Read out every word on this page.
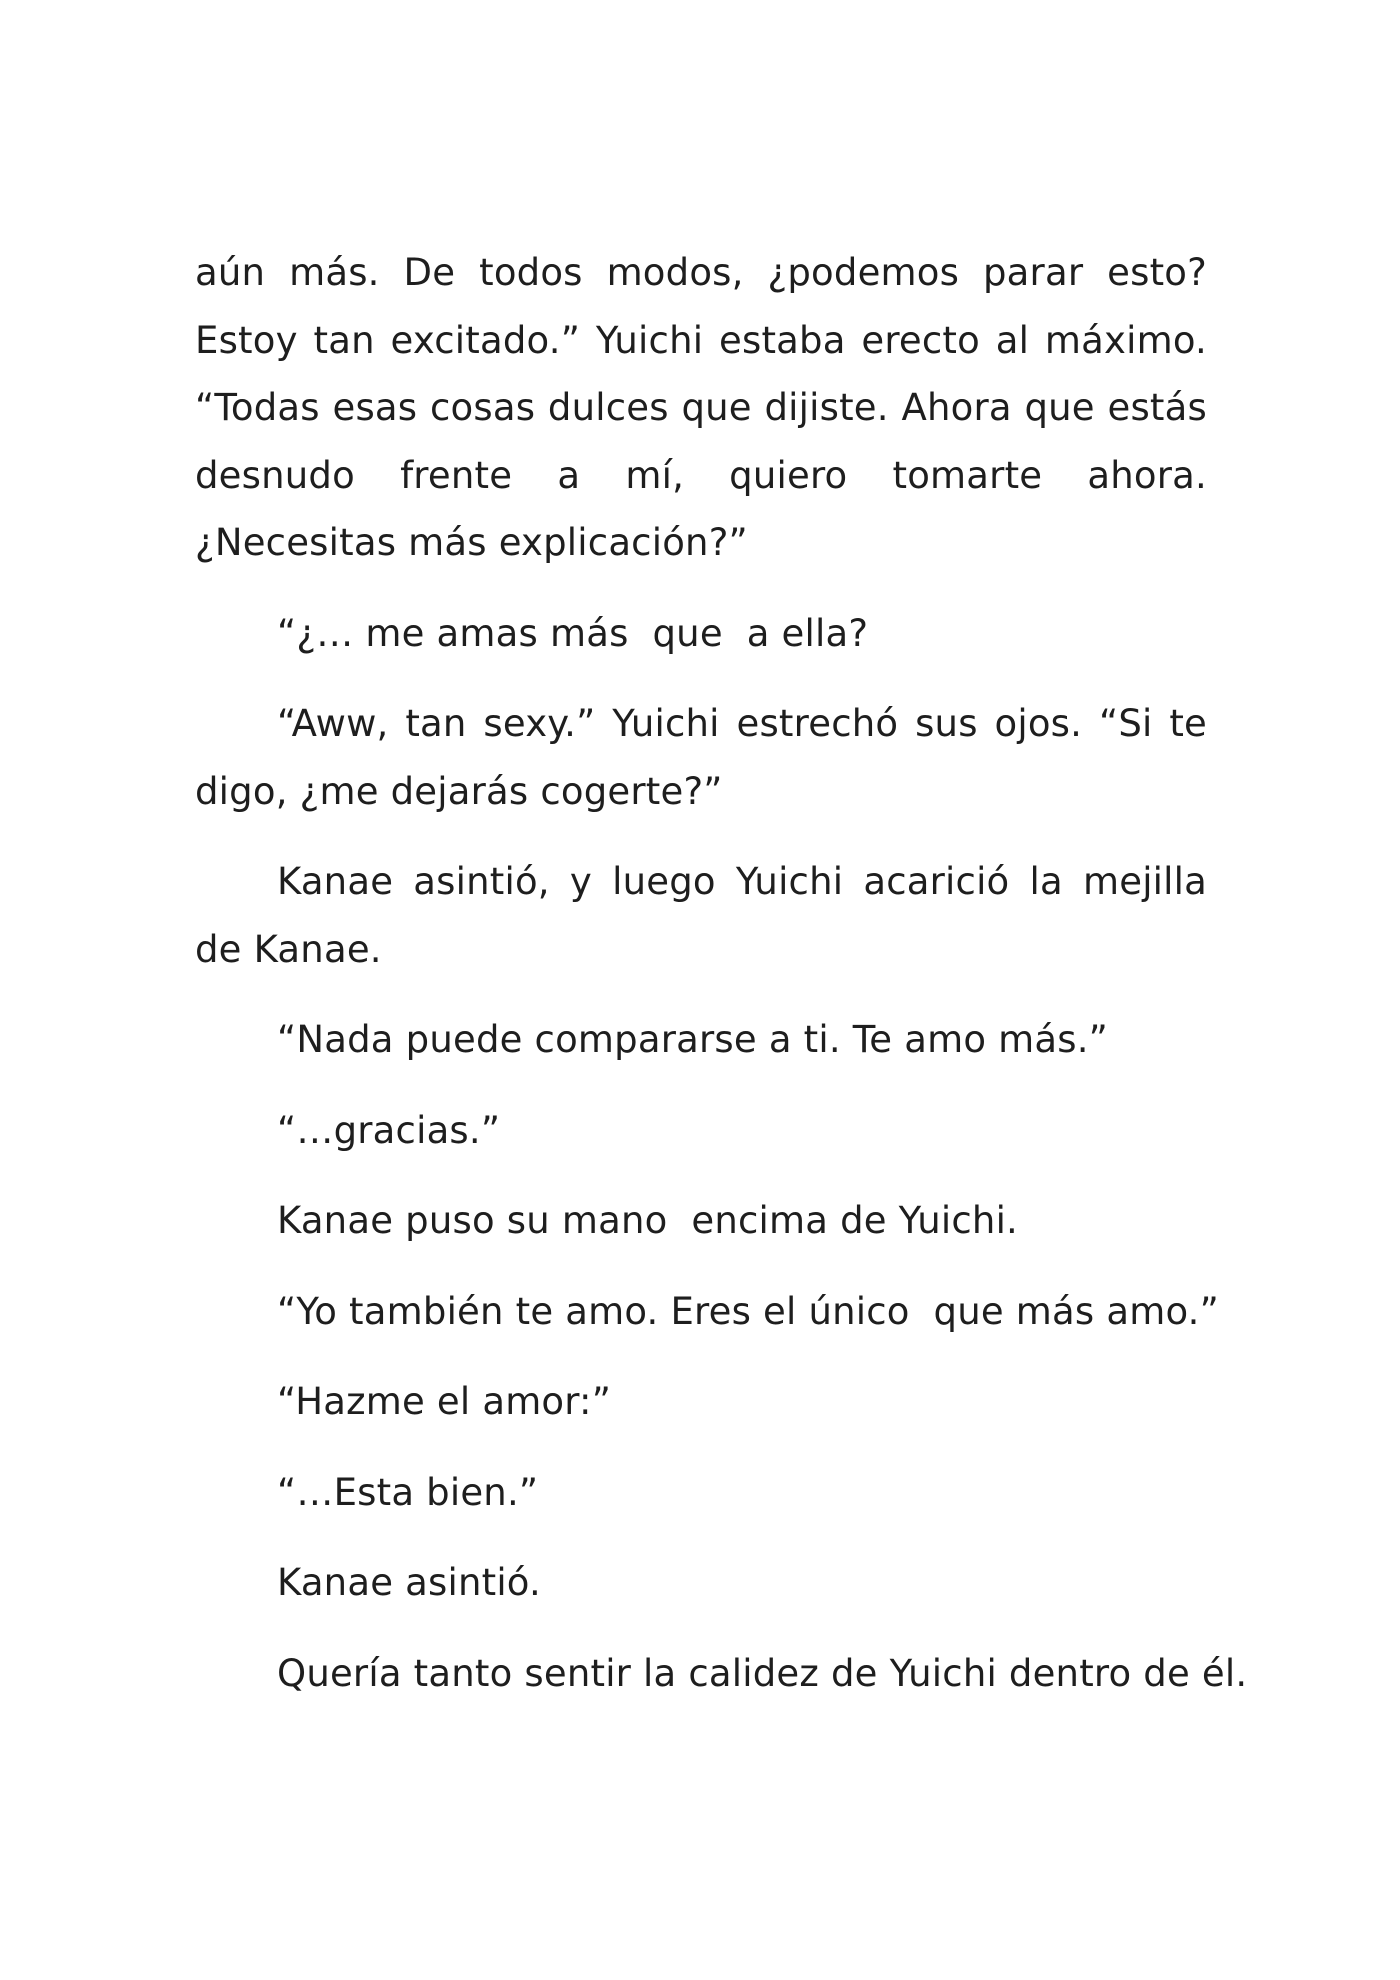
aún más. De todos modos, ¿podemos parar esto? Estoy tan excitado.” Yuichi estaba erecto al máximo. “Todas esas cosas dulces que dijiste. Ahora que estás desnudo frente a mí, quiero tomarte ahora. ¿Necesitas más explicación?”

“¿… me amas más  que  a ella?

“Aww, tan sexy.” Yuichi estrechó sus ojos. “Si te digo, ¿me dejarás cogerte?”

Kanae asintió, y luego Yuichi acarició la mejilla de Kanae.

“Nada puede compararse a ti. Te amo más.”

“…gracias.”

Kanae puso su mano  encima de Yuichi.

“Yo también te amo. Eres el único  que más amo.”

“Hazme el amor:”

“…Esta bien.”

Kanae asintió.

Quería tanto sentir la calidez de Yuichi dentro de él.
